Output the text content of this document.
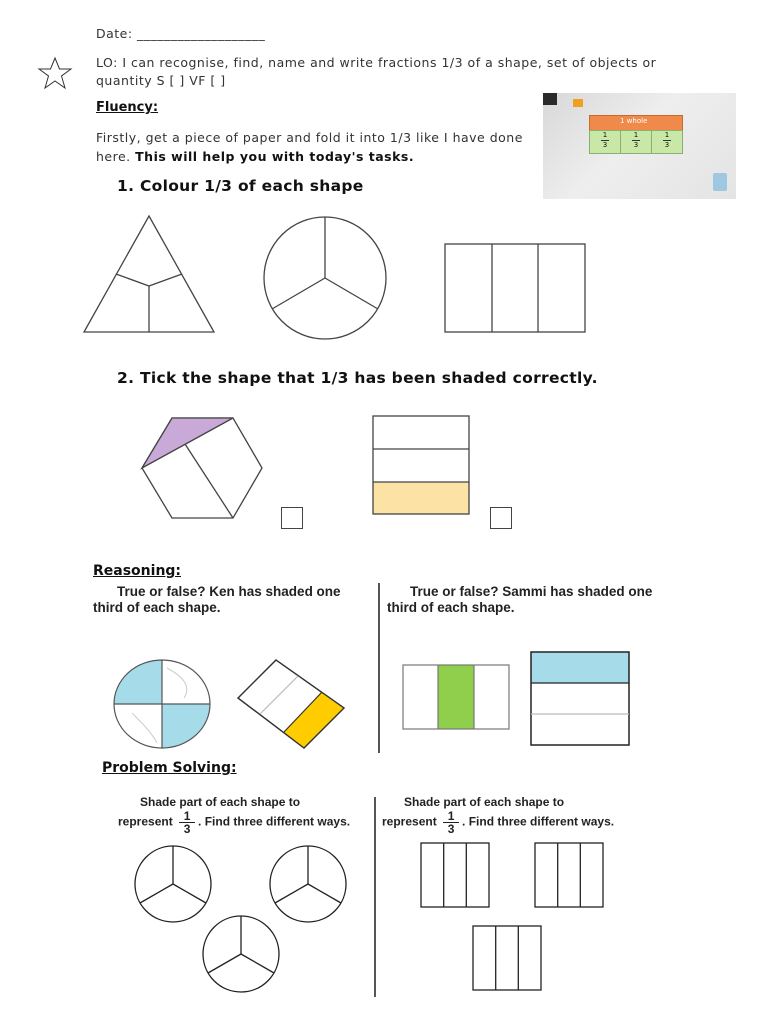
Date: ___________________
LO: I can recognise, find, name and write fractions 1/3 of a shape, set of objects or
quantity S [ ] VF [ ]
Fluency:
Firstly, get a piece of paper and fold it into 1/3 like I have done
here. This will help you with today's tasks.
1 whole
1
3
1
3
1
3
1. Colour 1/3 of each shape
2. Tick the shape that 1/3 has been shaded correctly.
Reasoning:
True or false? Ken has shaded one
third of each shape.
True or false? Sammi has shaded one
third of each shape.
Problem Solving:
Shade part of each shape to
represent $\frac{1}{3}$ . Find three different ways.
Shade part of each shape to
represent $\frac{1}{3}$ . Find three different ways.
